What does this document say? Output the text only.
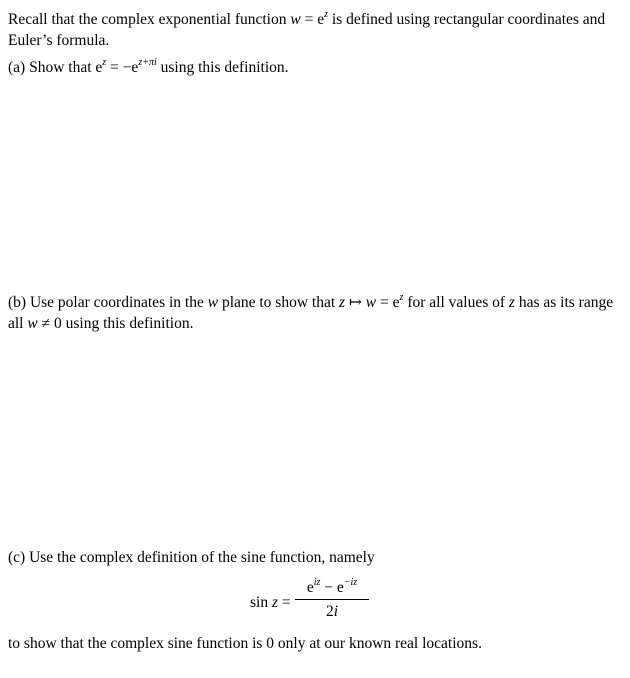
Recall that the complex exponential function $w = e^z$ is defined using rectangular coordinates and Euler’s formula.

(a) Show that $e^z = -e^{z+\pi i}$ using this definition.

(b) Use polar coordinates in the w plane to show that z ↦ $w = e^z$ for all values of z has as its range all w ≠ 0 using this definition.

(c) Use the complex definition of the sine function, namely

sin z =
$e^{iz} - e^{-iz}$
2i

to show that the complex sine function is 0 only at our known real locations.
